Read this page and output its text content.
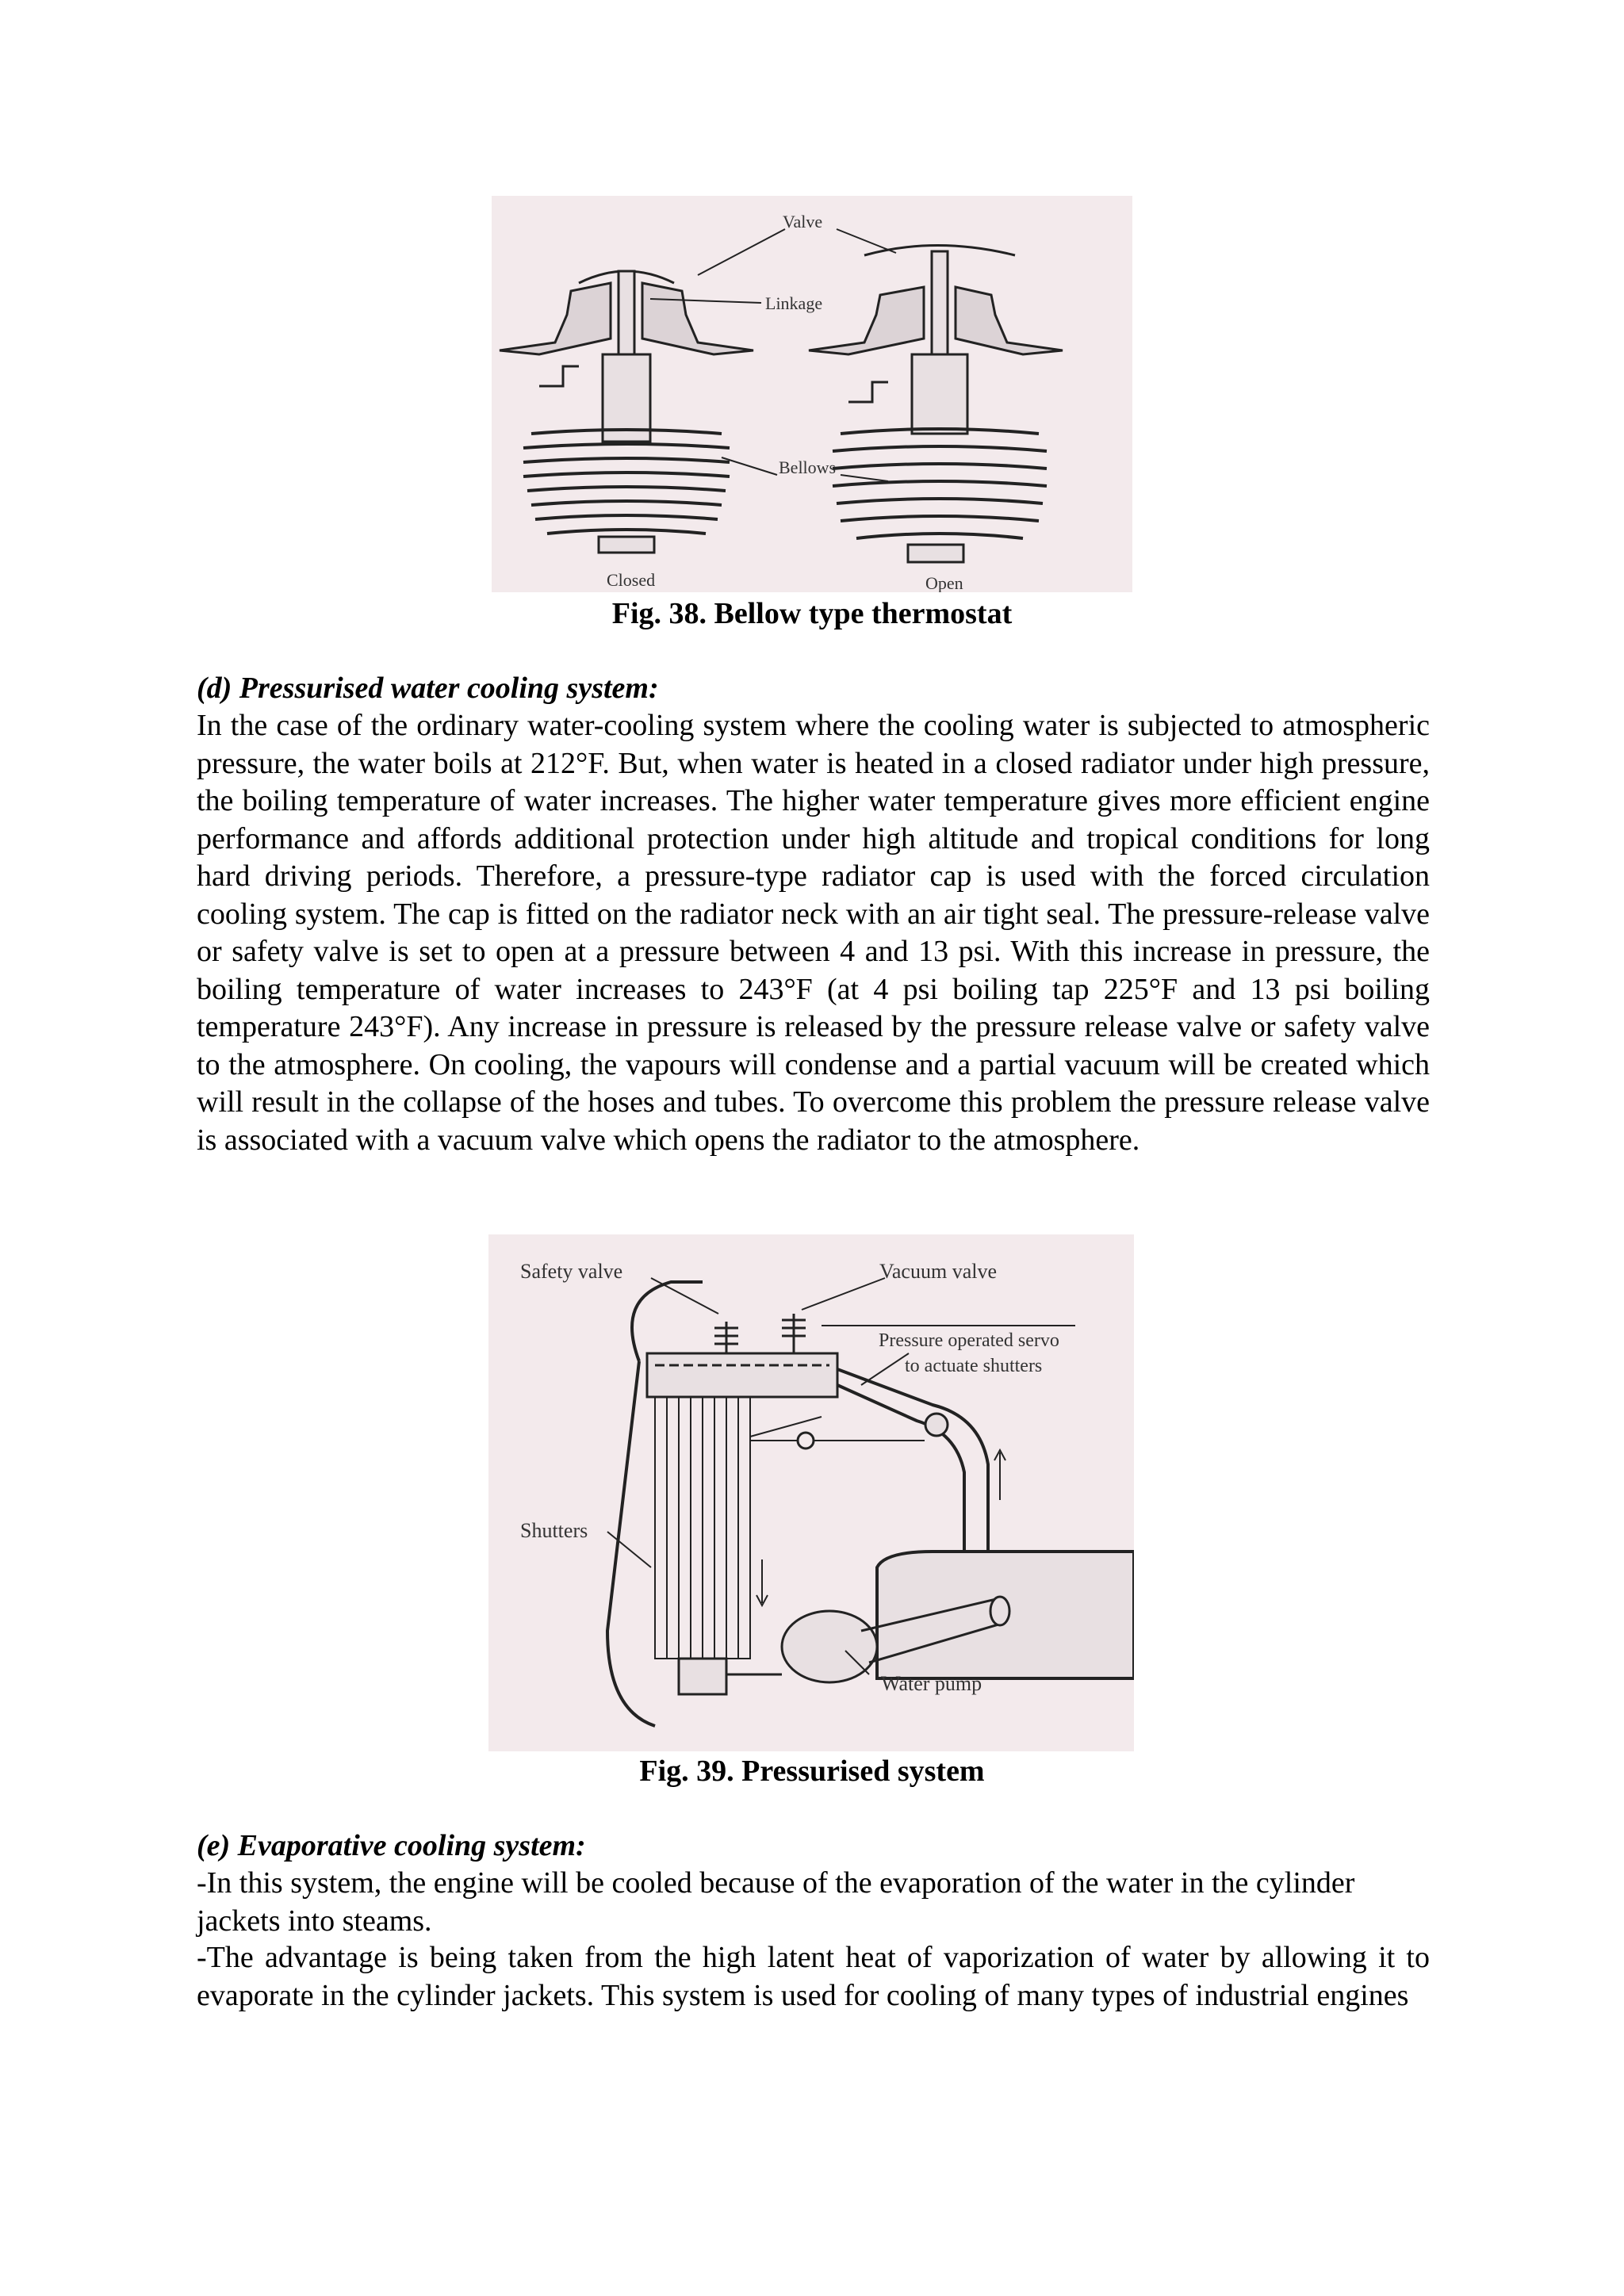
Valve
Linkage
Bellows
Closed	Open
Fig. 38. Bellow type thermostat
(d) Pressurised water cooling system:
In the case of the ordinary water-cooling system where the cooling water is subjected to atmospheric pressure, the water boils at 212°F. But, when water is heated in a closed radiator under high pressure, the boiling temperature of water increases. The higher water temperature gives more efficient engine performance and affords additional protection under high altitude and tropical conditions for long hard driving periods. Therefore, a pressure-type radiator cap is used with the forced circulation cooling system. The cap is fitted on the radiator neck with an air tight seal. The pressure-release valve or safety valve is set to open at a pressure between 4 and 13 psi. With this increase in pressure, the boiling temperature of water increases to 243°F (at 4 psi boiling tap 225°F and 13 psi boiling temperature 243°F). Any increase in pressure is released by the pressure release valve or safety valve to the atmosphere. On cooling, the vapours will condense and a partial vacuum will be created which will result in the collapse of the hoses and tubes. To overcome this problem the pressure release valve is associated with a vacuum valve which opens the radiator to the atmosphere.
Safety valve	Vacuum valve
Pressure operated servo
to actuate shutters
Shutters
Water pump
Fig. 39. Pressurised system
(e) Evaporative cooling system:
-In this system, the engine will be cooled because of the evaporation of the water in the cylinder jackets into steams.
-The advantage is being taken from the high latent heat of vaporization of water by allowing it to evaporate in the cylinder jackets. This system is used for cooling of many types of industrial engines
